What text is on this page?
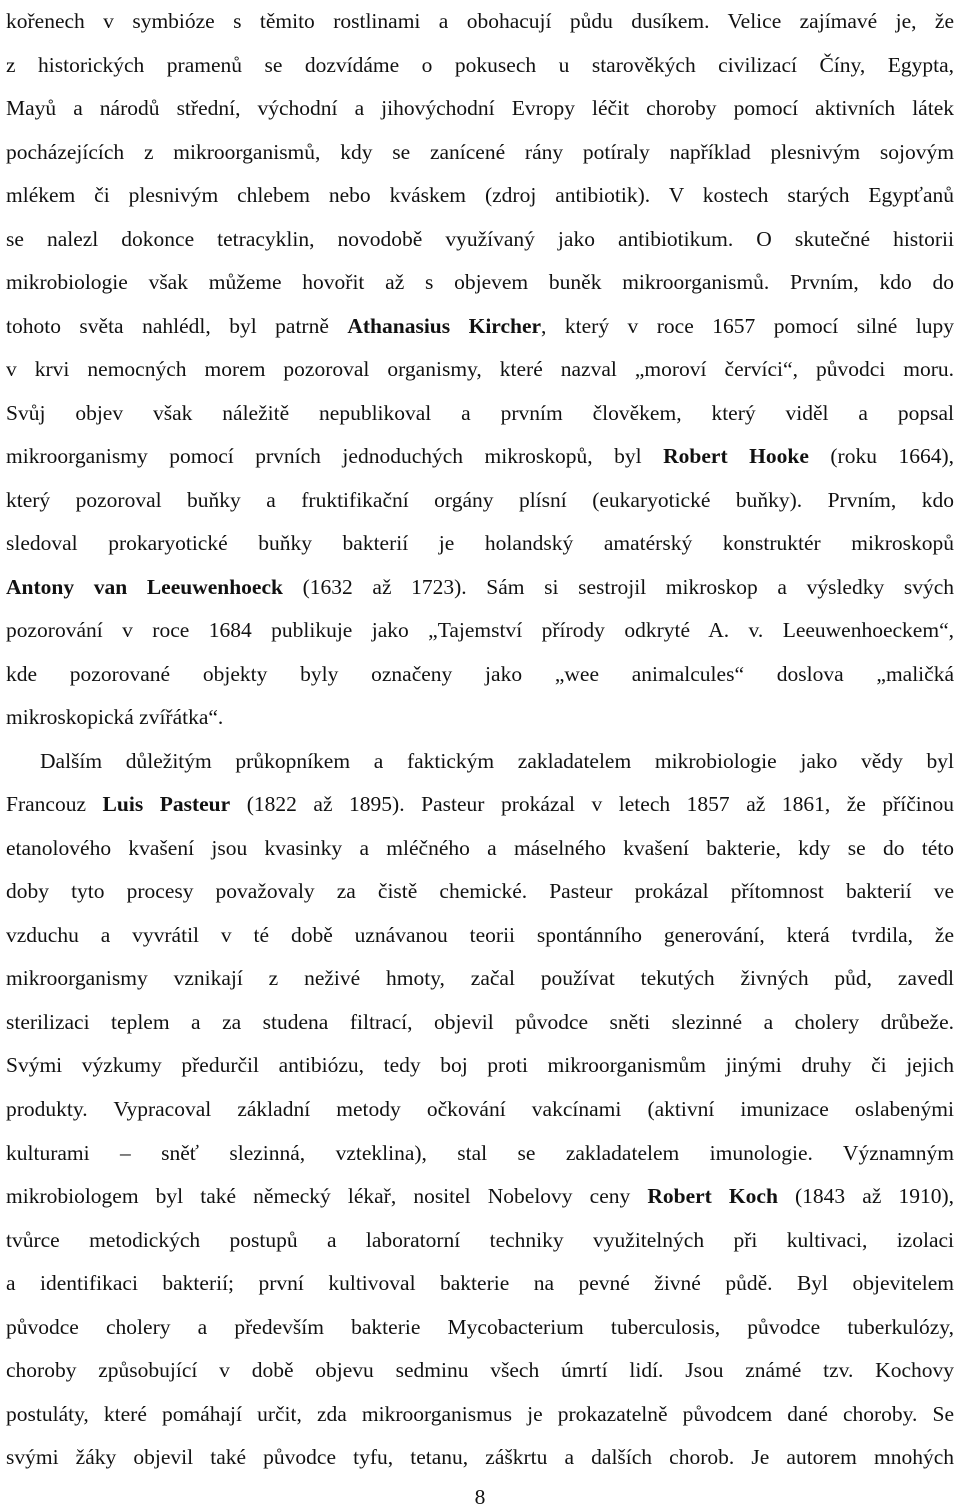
kořenech v symbióze s těmito rostlinami a obohacují půdu dusíkem. Velice zajímavé je, že
z historických pramenů se dozvídáme o pokusech u starověkých civilizací Číny, Egypta,
Mayů a národů střední, východní a jihovýchodní Evropy léčit choroby pomocí aktivních látek
pocházejících z mikroorganismů, kdy se zanícené rány potíraly například plesnivým sojovým
mlékem či plesnivým chlebem nebo kváskem (zdroj antibiotik). V kostech starých Egypťanů
se nalezl dokonce tetracyklin, novodobě využívaný jako antibiotikum. O skutečné historii
mikrobiologie však můžeme hovořit až s objevem buněk mikroorganismů. Prvním, kdo do
tohoto světa nahlédl, byl patrně Athanasius Kircher, který v roce 1657 pomocí silné lupy
v krvi nemocných morem pozoroval organismy, které nazval „moroví červíci“, původci moru.
Svůj objev však náležitě nepublikoval a prvním člověkem, který viděl a popsal
mikroorganismy pomocí prvních jednoduchých mikroskopů, byl Robert Hooke (roku 1664),
který pozoroval buňky a fruktifikační orgány plísní (eukaryotické buňky). Prvním, kdo
sledoval prokaryotické buňky bakterií je holandský amatérský konstruktér mikroskopů
Antony van Leeuwenhoeck (1632 až 1723). Sám si sestrojil mikroskop a výsledky svých
pozorování v roce 1684 publikuje jako „Tajemství přírody odkryté A. v. Leeuwenhoeckem“,
kde pozorované objekty byly označeny jako „wee animalcules“ doslova „maličká
mikroskopická zvířátka“.
Dalším důležitým průkopníkem a faktickým zakladatelem mikrobiologie jako vědy byl
Francouz Luis Pasteur (1822 až 1895). Pasteur prokázal v letech 1857 až 1861, že příčinou
etanolového kvašení jsou kvasinky a mléčného a máselného kvašení bakterie, kdy se do této
doby tyto procesy považovaly za čistě chemické. Pasteur prokázal přítomnost bakterií ve
vzduchu a vyvrátil v té době uznávanou teorii spontánního generování, která tvrdila, že
mikroorganismy vznikají z neživé hmoty, začal používat tekutých živných půd, zavedl
sterilizaci teplem a za studena filtrací, objevil původce sněti slezinné a cholery drůbeže.
Svými výzkumy předurčil antibiózu, tedy boj proti mikroorganismům jinými druhy či jejich
produkty. Vypracoval základní metody očkování vakcínami (aktivní imunizace oslabenými
kulturami – sněť slezinná, vzteklina), stal se zakladatelem imunologie. Významným
mikrobiologem byl také německý lékař, nositel Nobelovy ceny Robert Koch (1843 až 1910),
tvůrce metodických postupů a laboratorní techniky využitelných při kultivaci, izolaci
a identifikaci bakterií; první kultivoval bakterie na pevné živné půdě. Byl objevitelem
původce cholery a především bakterie Mycobacterium tuberculosis, původce tuberkulózy,
choroby způsobující v době objevu sedminu všech úmrtí lidí. Jsou známé tzv. Kochovy
postuláty, které pomáhají určit, zda mikroorganismus je prokazatelně původcem dané choroby. Se
svými žáky objevil také původce tyfu, tetanu, záškrtu a dalších chorob. Je autorem mnohých
8
